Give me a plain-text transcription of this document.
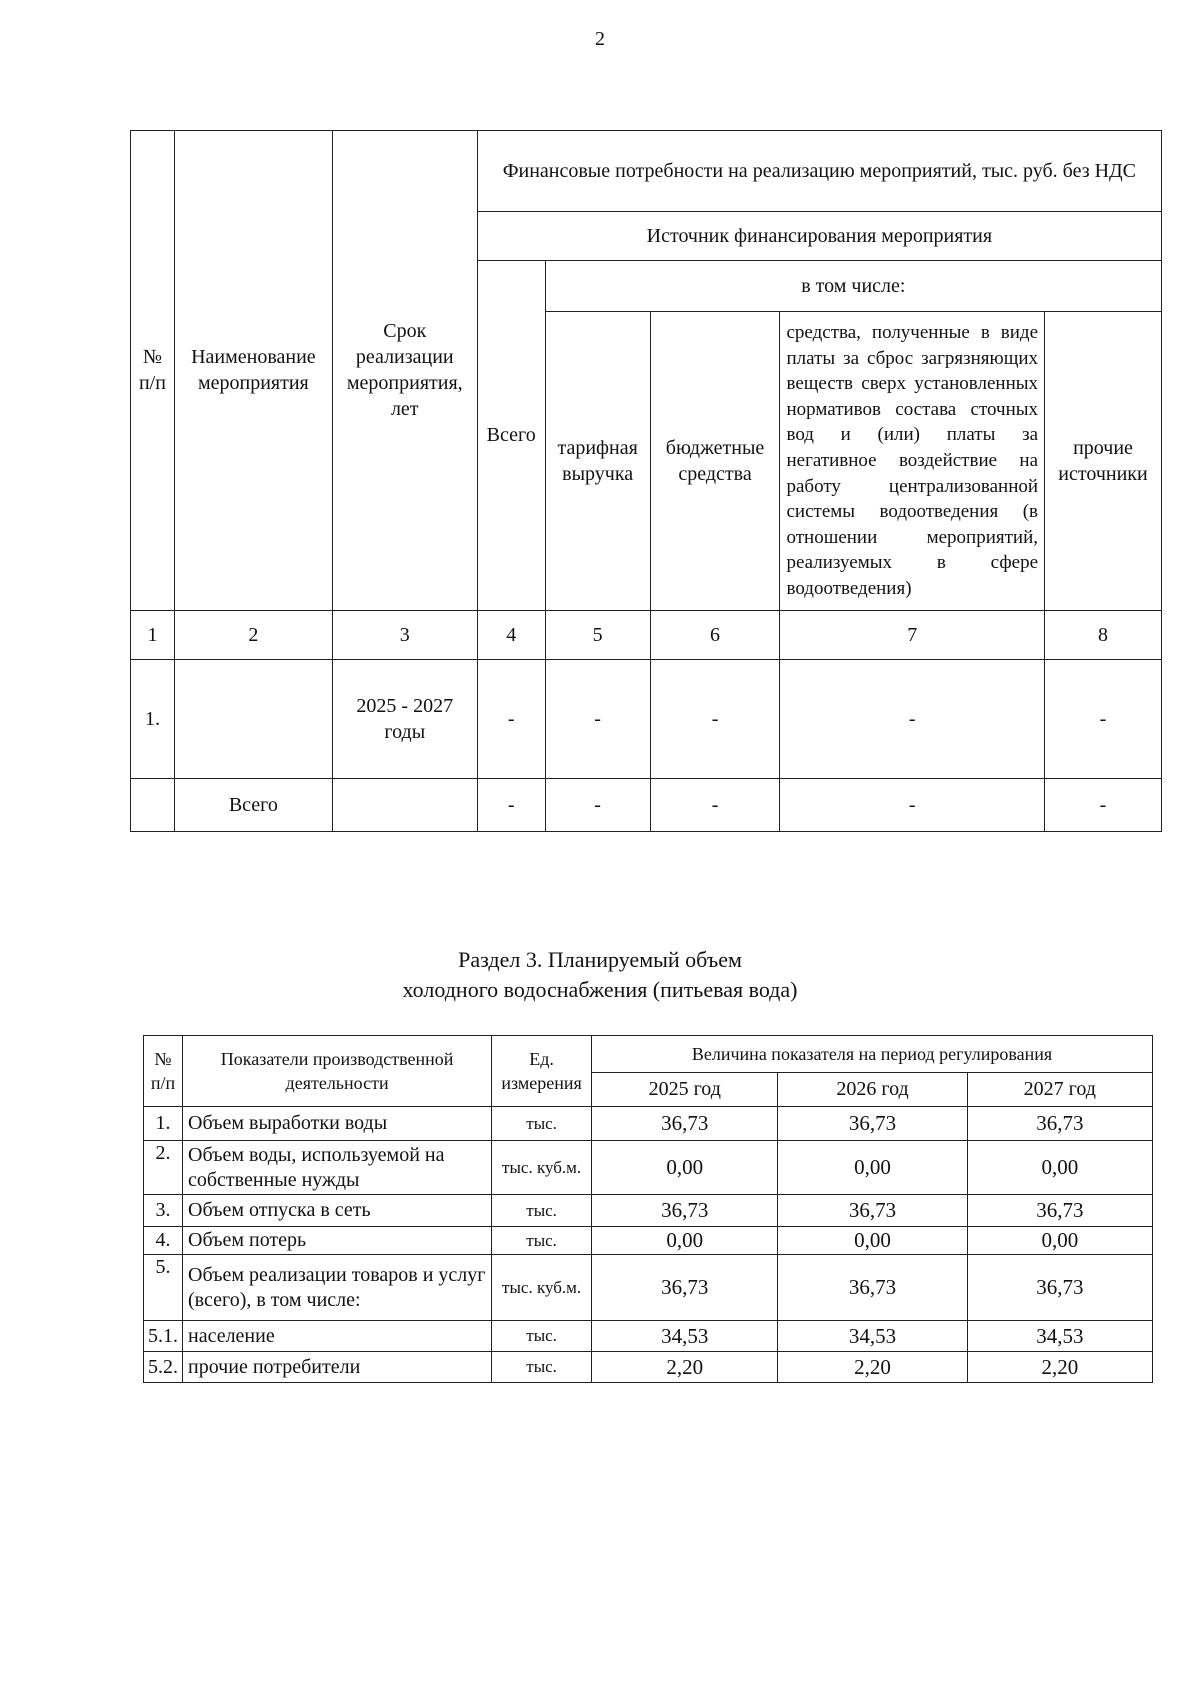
2
№ п/п	Наименование мероприятия	Срок реализации мероприятия, лет	Финансовые потребности на реализацию мероприятий, тыс. руб. без НДС				
			Источник финансирования мероприятия				
			Всего	в том числе:			
				тарифная выручка	бюджетные средства	средства, полученные в виде платы за сброс загрязняющих веществ сверх установленных нормативов состава сточных вод и (или) платы за негативное воздействие на работу централизованной системы водоотведения (в отношении мероприятий, реализуемых в сфере водоотведения)	прочие источники
1	2	3	4	5	6	7	8
1.		2025 - 2027 годы	-	-	-	-	-
	Всего		-	-	-	-	-
Раздел 3. Планируемый объем
холодного водоснабжения (питьевая вода)
№ п/п	Показатели производственной деятельности	Ед. измерения	Величина показателя на период регулирования		
			2025 год	2026 год	2027 год
1.	Объем выработки воды	тыс.	36,73	36,73	36,73
2.	Объем воды, используемой на собственные нужды	тыс. куб.м.	0,00	0,00	0,00
3.	Объем отпуска в сеть	тыс.	36,73	36,73	36,73
4.	Объем потерь	тыс.	0,00	0,00	0,00
5.	Объем реализации товаров и услуг (всего), в том числе:	тыс. куб.м.	36,73	36,73	36,73
5.1.	население	тыс.	34,53	34,53	34,53
5.2.	прочие потребители	тыс.	2,20	2,20	2,20
